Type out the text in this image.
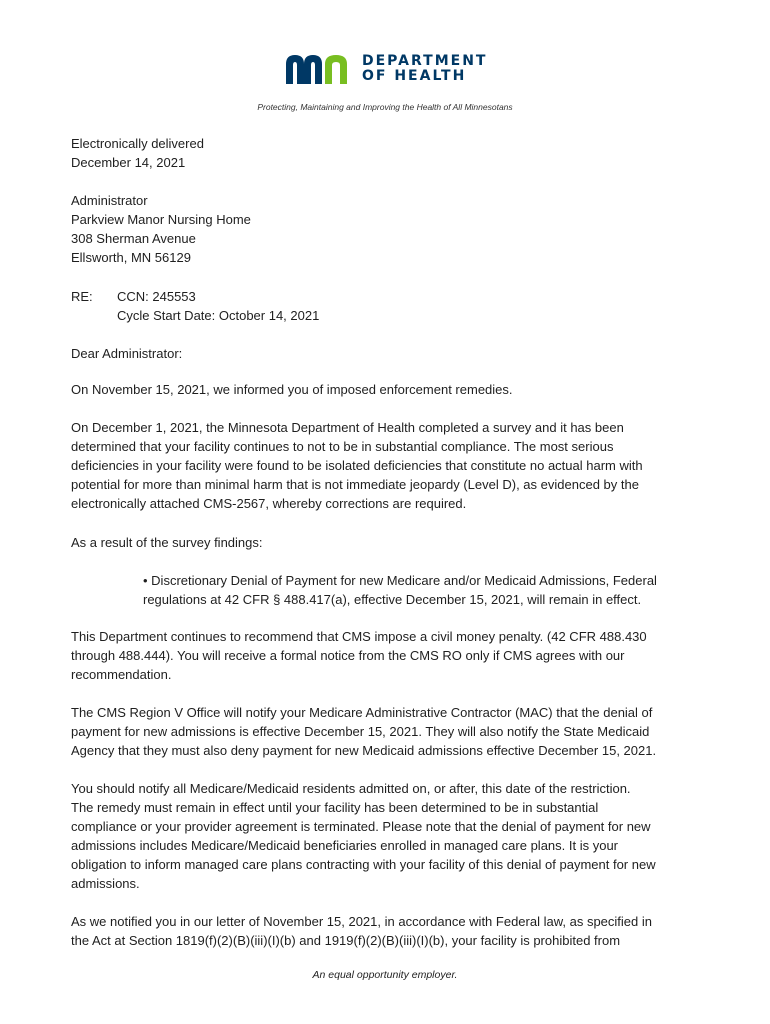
DEPARTMENT
OF HEALTH
Protecting, Maintaining and Improving the Health of All Minnesotans
Electronically delivered
December 14, 2021
Administrator
Parkview Manor Nursing Home
308 Sherman Avenue
Ellsworth, MN 56129
RE: CCN: 245553
Cycle Start Date: October 14, 2021
Dear Administrator:
On November 15, 2021, we informed you of imposed enforcement remedies.
On December 1, 2021, the Minnesota Department of Health completed a survey and it has been
determined that your facility continues to not to be in substantial compliance. The most serious
deficiencies in your facility were found to be isolated deficiencies that constitute no actual harm with
potential for more than minimal harm that is not immediate jeopardy (Level D), as evidenced by the
electronically attached CMS-2567, whereby corrections are required.
As a result of the survey findings:
• Discretionary Denial of Payment for new Medicare and/or Medicaid Admissions, Federal
regulations at 42 CFR § 488.417(a), effective December 15, 2021, will remain in effect.
This Department continues to recommend that CMS impose a civil money penalty. (42 CFR 488.430
through 488.444). You will receive a formal notice from the CMS RO only if CMS agrees with our
recommendation.
The CMS Region V Office will notify your Medicare Administrative Contractor (MAC) that the denial of
payment for new admissions is effective December 15, 2021. They will also notify the State Medicaid
Agency that they must also deny payment for new Medicaid admissions effective December 15, 2021.
You should notify all Medicare/Medicaid residents admitted on, or after, this date of the restriction.
The remedy must remain in effect until your facility has been determined to be in substantial
compliance or your provider agreement is terminated. Please note that the denial of payment for new
admissions includes Medicare/Medicaid beneficiaries enrolled in managed care plans. It is your
obligation to inform managed care plans contracting with your facility of this denial of payment for new
admissions.
As we notified you in our letter of November 15, 2021, in accordance with Federal law, as specified in
the Act at Section 1819(f)(2)(B)(iii)(I)(b) and 1919(f)(2)(B)(iii)(I)(b), your facility is prohibited from
An equal opportunity employer.
